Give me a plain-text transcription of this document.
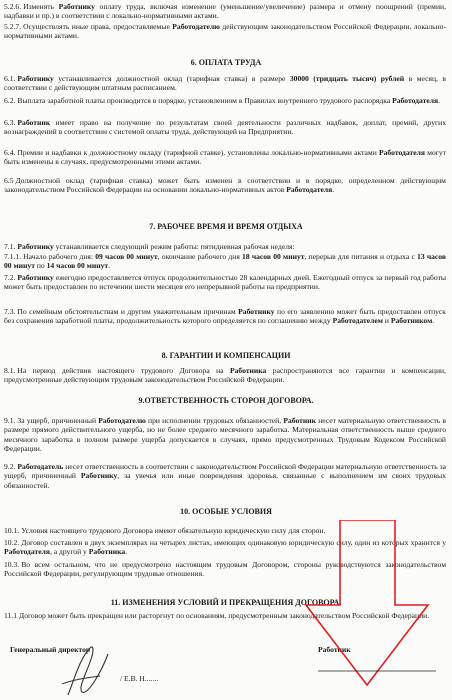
5.2.6. Изменять Работнику оплату труда, включая изменение (уменьшение/увеличение) размера и отмену поощрений (премии, надбавки и пр.) в соответствии с локально-нормативными актами.

5.2.7. Осуществлять иные права, предоставляемые Работодателю действующим законодательством Российской Федерации, локально-нормативными актами.

6. ОПЛАТА ТРУДА

6.1. Работнику устанавливается должностной оклад (тарифная ставка) в размере 30000 (тридцать тысяч) рублей в месяц, в соответствии с действующим штатным расписанием.

6.2. Выплата заработной платы производится в порядке, установленном в Правилах внутреннего трудового распорядка Работодателя.

6.3. Работник имеет право на получение по результатам своей деятельности различных надбавок, доплат, премий, других вознаграждений в соответствии с системой оплаты труда, действующей на Предприятии.

6.4. Премии и надбавки к должностному окладу (тарифной ставке), установлены локально-нормативными актами Работодателя могут быть изменены в случаях, предусмотренными этими актами.

6.5 Должностной оклад (тарифная ставка) может быть изменен в соответствии и в порядке, определенном действующим законодательством Российской Федерации на основании локально-нормативных актов Работодателя.

7. РАБОЧЕЕ ВРЕМЯ И ВРЕМЯ ОТДЫХА

7.1. Работнику устанавливается следующий режим работы: пятидневная рабочая неделя:

7.1.1. Начало рабочего дня: 09 часов 00 минут, окончание рабочего дня 18 часов 00 минут, перерыв для питания и отдыха с 13 часов 00 минут по 14 часов 00 минут.

7.2. Работнику ежегодно предоставляется отпуск продолжительностью 28 календарных дней. Ежегодный отпуск за первый год работы может быть предоставлен по истечении шести месяцев его непрерывной работы на предприятии.

7.3. По семейным обстоятельствам и другим уважительным причинам Работнику по его заявлению может быть предоставлен отпуск без сохранения заработной платы, продолжительность которого определяется по соглашению между Работодателем и Работником.

8. ГАРАНТИИ И КОМПЕНСАЦИИ

8.1. На период действия настоящего трудового Договора на Работника распространяются все гарантии и компенсации, предусмотренные действующим трудовым законодательством Российской Федерации.

9.ОТВЕТСТВЕННОСТЬ СТОРОН ДОГОВОРА.

9.1. За ущерб, причиненный Работодателю при исполнении трудовых обязанностей, Работник несет материальную ответственность в размере прямого действительного ущерба, но не более среднего месячного заработка. Материальная ответственность выше среднего месячного заработка в полном размере ущерба допускается в случаях, прямо предусмотренных Трудовым Кодексом Российской Федерации.

9.2. Работодатель несет ответственность в соответствии с законодательством Российской Федерации материальную ответственность за ущерб, причиненный Работнику, за увечья или иные повреждения здоровья, связанные с выполнением им своих трудовых обязанностей.

10. ОСОБЫЕ УСЛОВИЯ

10.1. Условия настоящего трудового Договора имеют обязательную юридическую силу для сторон.

10.2. Договор составлен в двух экземплярах на четырех листах, имеющих одинаковую юридическую силу, один из которых хранится у Работодателя, а другой у Работника.

10.3. Во всем остальном, что не предусмотрено настоящим трудовым Договором, стороны руководствуются законодательством Российской Федерации, регулирующим трудовые отношения.

11. ИЗМЕНЕНИЯ УСЛОВИЙ И ПРЕКРАЩЕНИЯ ДОГОВОРА.

11.1 Договор может быть прекращен или расторгнут по основаниям, предусмотренным законодательством Российской Федерации.

Генеральный директор
/ Е.В. Н.......
Работник
